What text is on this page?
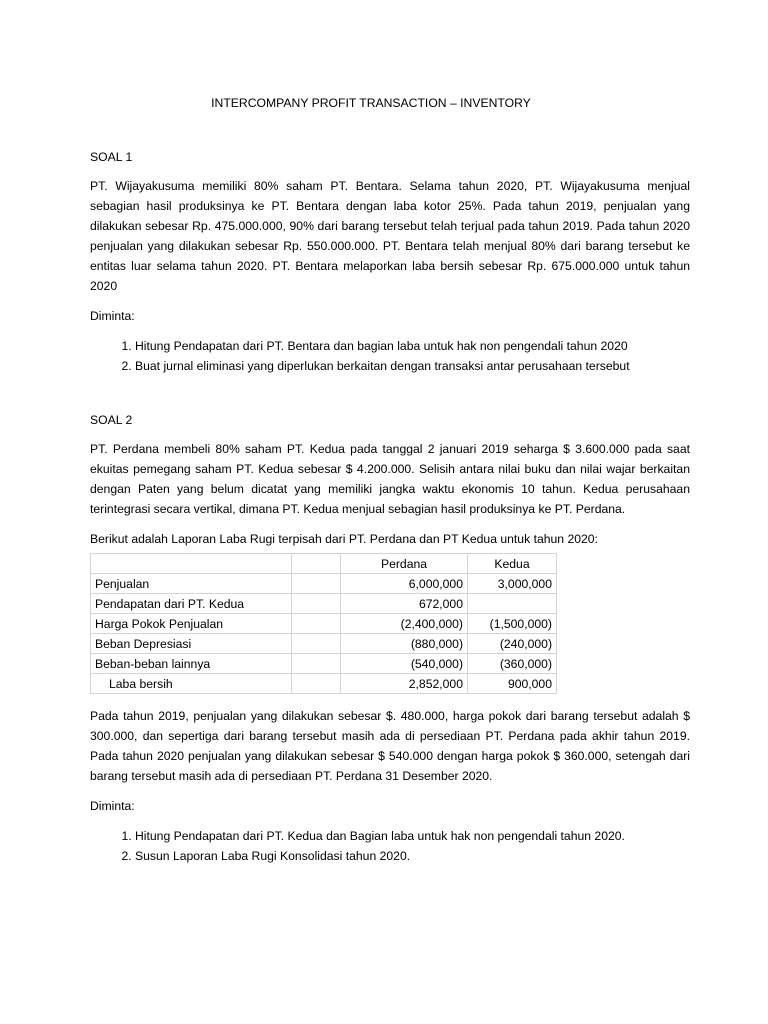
INTERCOMPANY PROFIT TRANSACTION – INVENTORY
SOAL 1

PT. Wijayakusuma memiliki 80% saham PT. Bentara. Selama tahun 2020, PT. Wijayakusuma menjual sebagian hasil produksinya ke PT. Bentara dengan laba kotor 25%. Pada tahun 2019, penjualan yang dilakukan sebesar Rp. 475.000.000, 90% dari barang tersebut telah terjual pada tahun 2019. Pada tahun 2020 penjualan yang dilakukan sebesar Rp. 550.000.000. PT. Bentara telah menjual 80% dari barang tersebut ke entitas luar selama tahun 2020. PT. Bentara melaporkan laba bersih sebesar Rp. 675.000.000 untuk tahun 2020

Diminta:

1. Hitung Pendapatan dari PT. Bentara dan bagian laba untuk hak non pengendali tahun 2020
2. Buat jurnal eliminasi yang diperlukan berkaitan dengan transaksi antar perusahaan tersebut
SOAL 2

PT. Perdana membeli 80% saham PT. Kedua pada tanggal 2 januari 2019 seharga $ 3.600.000 pada saat ekuitas pemegang saham PT. Kedua sebesar $ 4.200.000. Selisih antara nilai buku dan nilai wajar berkaitan dengan Paten yang belum dicatat yang memiliki jangka waktu ekonomis 10 tahun. Kedua perusahaan terintegrasi secara vertikal, dimana PT. Kedua menjual sebagian hasil produksinya ke PT. Perdana.

Berikut adalah Laporan Laba Rugi terpisah dari PT. Perdana dan PT Kedua untuk tahun 2020:

		Perdana	Kedua
Penjualan		6,000,000	3,000,000
Pendapatan dari PT. Kedua		672,000	
Harga Pokok Penjualan		(2,400,000)	(1,500,000)
Beban Depresiasi		(880,000)	(240,000)
Beban-beban lainnya		(540,000)	(360,000)
Laba bersih		2,852,000	900,000

Pada tahun 2019, penjualan yang dilakukan sebesar $. 480.000, harga pokok dari barang tersebut adalah $ 300.000, dan sepertiga dari barang tersebut masih ada di persediaan PT. Perdana pada akhir tahun 2019. Pada tahun 2020 penjualan yang dilakukan sebesar $ 540.000 dengan harga pokok $ 360.000, setengah dari barang tersebut masih ada di persediaan PT. Perdana 31 Desember 2020.

Diminta:

1. Hitung Pendapatan dari PT. Kedua dan Bagian laba untuk hak non pengendali tahun 2020.
2. Susun Laporan Laba Rugi Konsolidasi tahun 2020.
